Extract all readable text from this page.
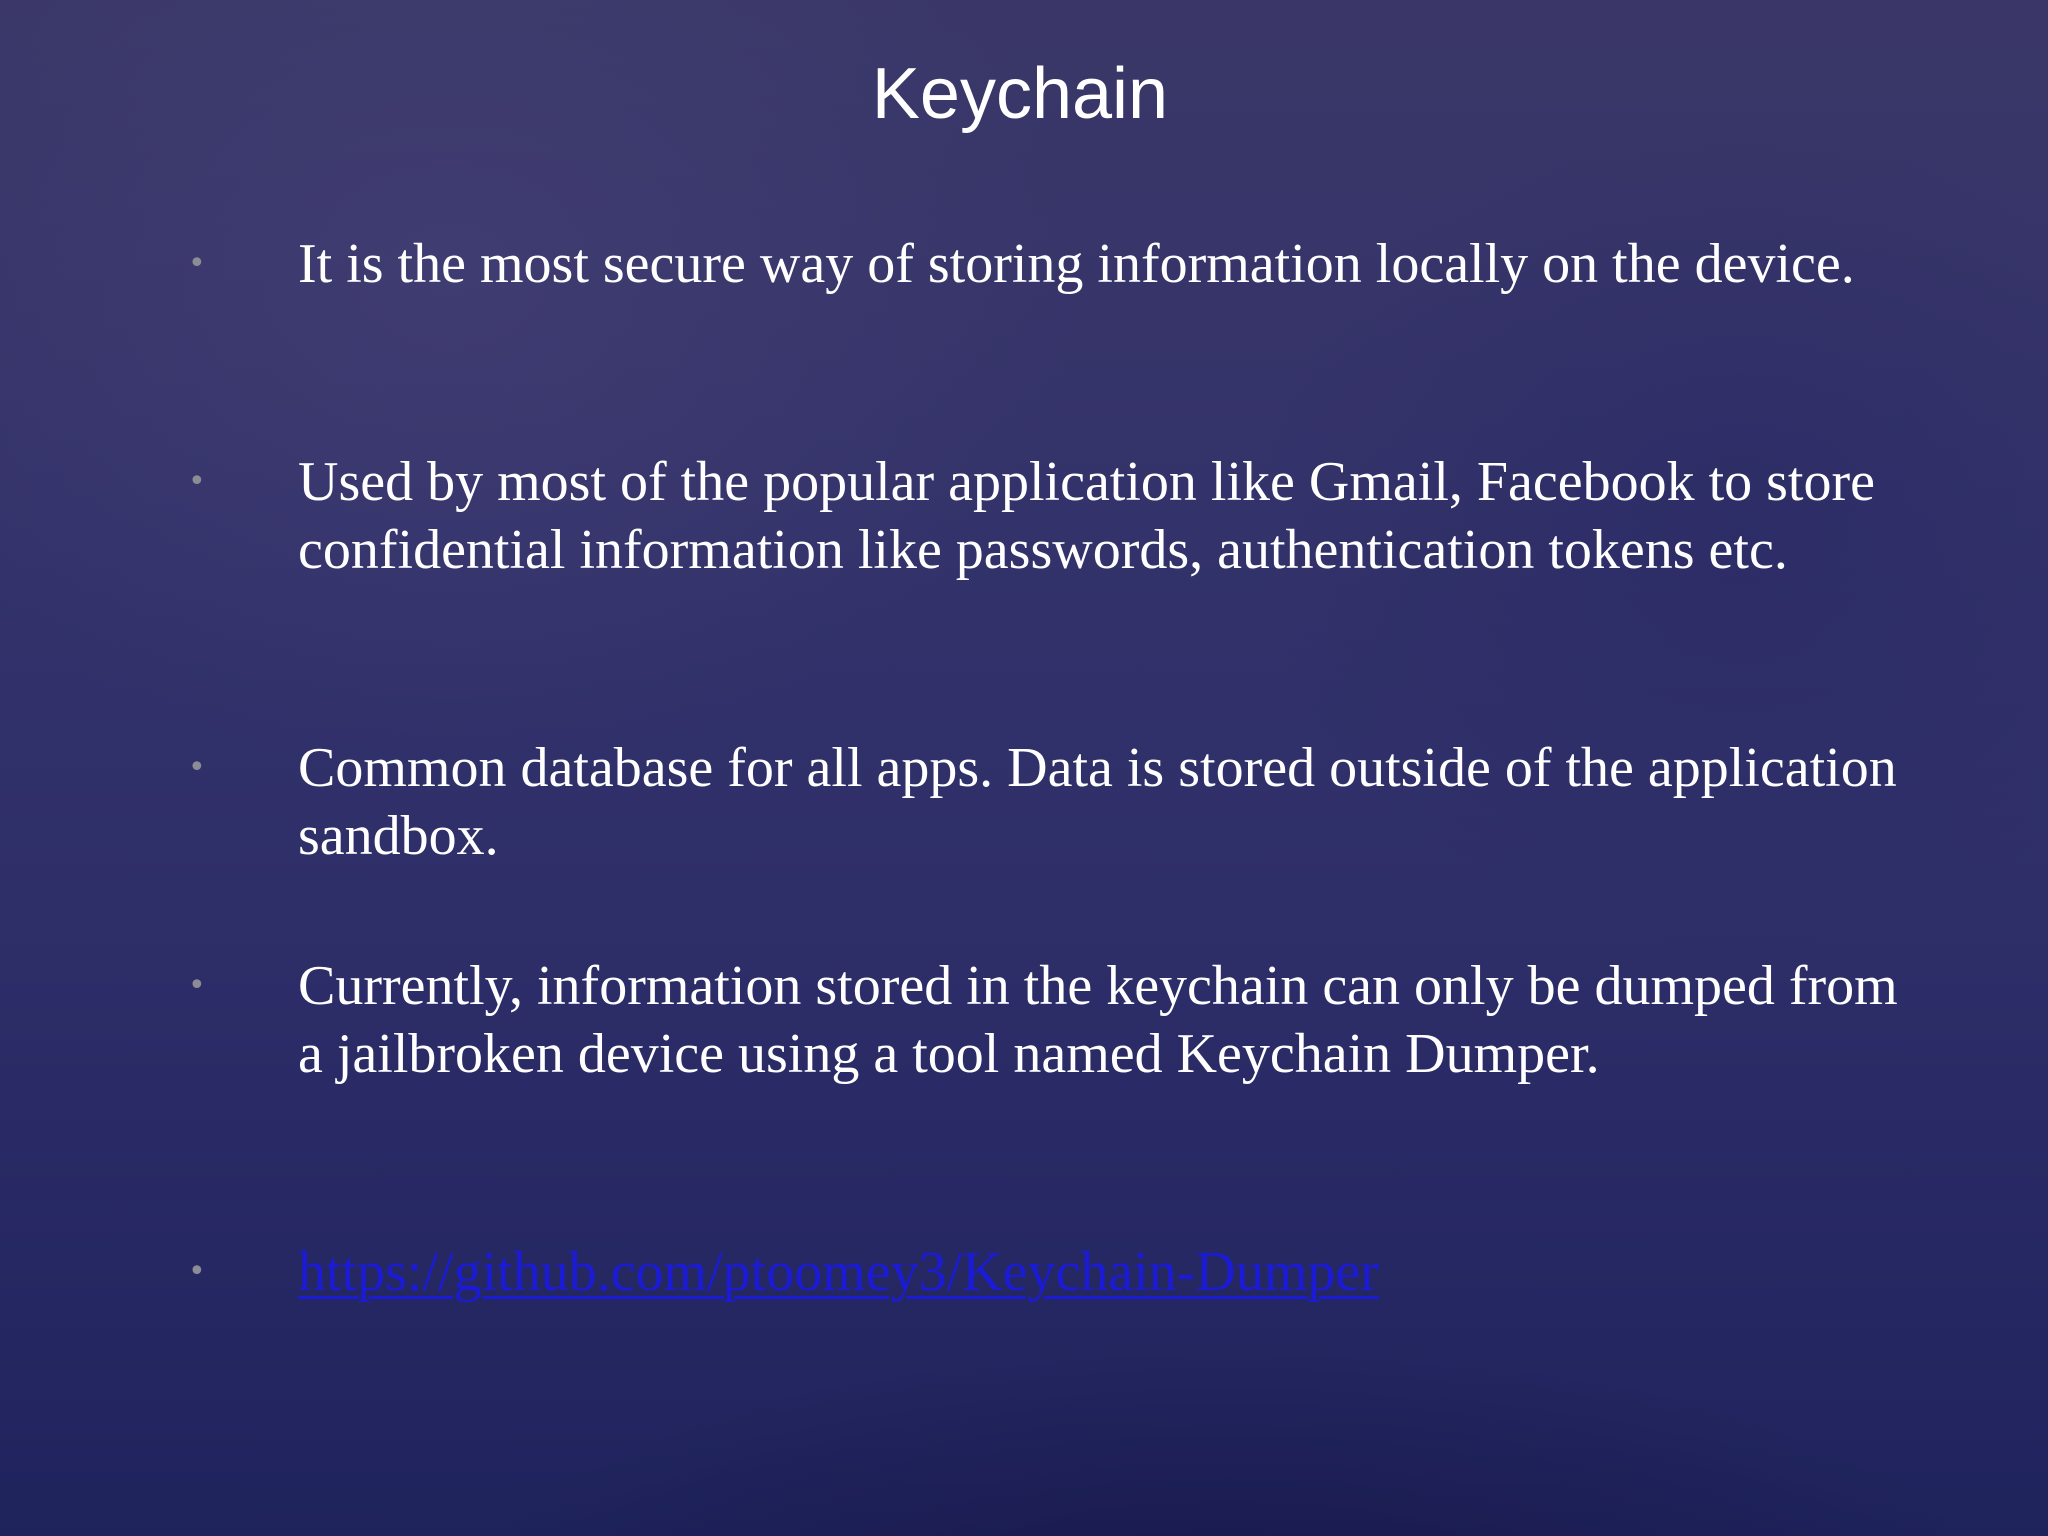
Keychain
• It is the most secure way of storing information locally on the device.
• Used by most of the popular application like Gmail, Facebook to store confidential information like passwords, authentication tokens etc.
• Common database for all apps. Data is stored outside of the application sandbox.
• Currently, information stored in the keychain can only be dumped from a jailbroken device using a tool named Keychain Dumper.
• https://github.com/ptoomey3/Keychain-Dumper
